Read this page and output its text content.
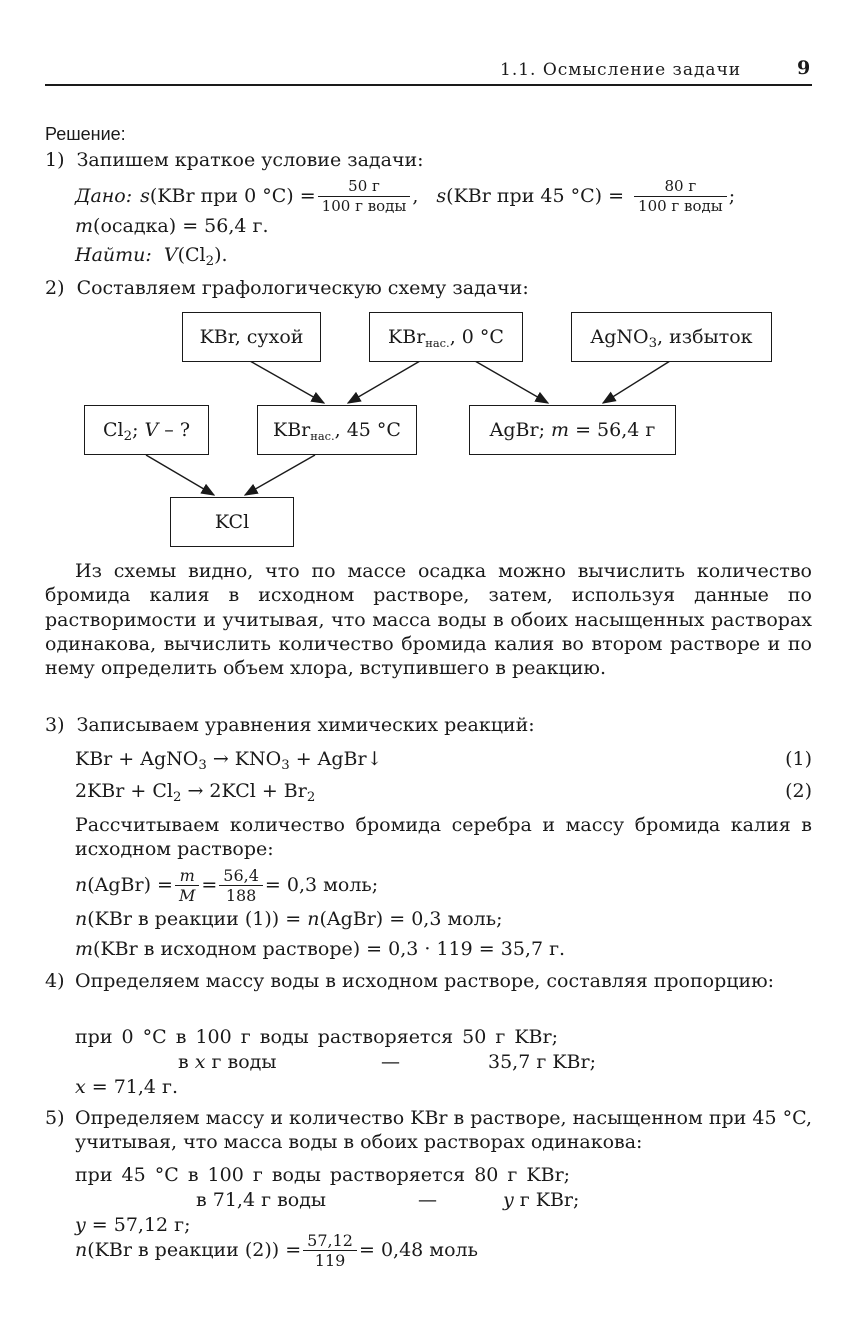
1.1. Осмысление задачи	9
Решение:
1) Запишем краткое условие задачи:
Дано: s (KBr при 0 $^\circ C) = \frac{50 г}{\text{100 г воды}}$ , s (KBr при 45 $^\circ C) = \frac{80 г}{\text{100 г воды}}$ ;
m(осадка) = 56,4 г.
Найти: $V(Cl_2)$.
2) Составляем графологическую схему задачи:
KBr, сухой	KBr$_{нас.}$, 0 °C	AgNO$_3$, избыток
$Cl_2$; V – ?	KBr$_{нас.}$, 45 °C	AgBr; m = 56,4 г
KCl
Из схемы видно, что по массе осадка можно вычислить количество бромида калия в исходном растворе, затем, используя данные по растворимости и учитывая, что масса воды в обоих насыщенных растворах одинакова, вычислить количество бромида калия во втором растворе и по нему определить объем хлора, вступившего в реакцию.
3) Записываем уравнения химических реакций:
KBr + AgNO$_3$ → $KNO_3$ + AgBr↓	(1)
$2KBr + Cl_2 \to 2KCl + Br_2$	(2)
Рассчитываем количество бромида серебра и массу бромида калия в исходном растворе:
n(AgBr) = $\frac{m}{M} = \frac{56,4}{188} = 0,3$ моль;
n(KBr в реакции (1)) = n(AgBr) = 0,3 моль;
m(KBr в исходном растворе) = 0,3 · 119 = 35,7 г.
4) Определяем массу воды в исходном растворе, составляя пропорцию:
при 0 °C в 100 г воды растворяется 50 г KBr;
в x г воды	—	35,7 г KBr;
x = 71,4 г.
5) Определяем массу и количество KBr в растворе, насыщенном при 45 °C, учитывая, что масса воды в обоих растворах одинакова:
при 45 °C в 100 г воды растворяется 80 г KBr;
в 71,4 г воды	—	y г KBr;
y = 57,12 г;
n (KBr в реакции $(2)) = \frac{57,12}{119} = 0,48$ моль
